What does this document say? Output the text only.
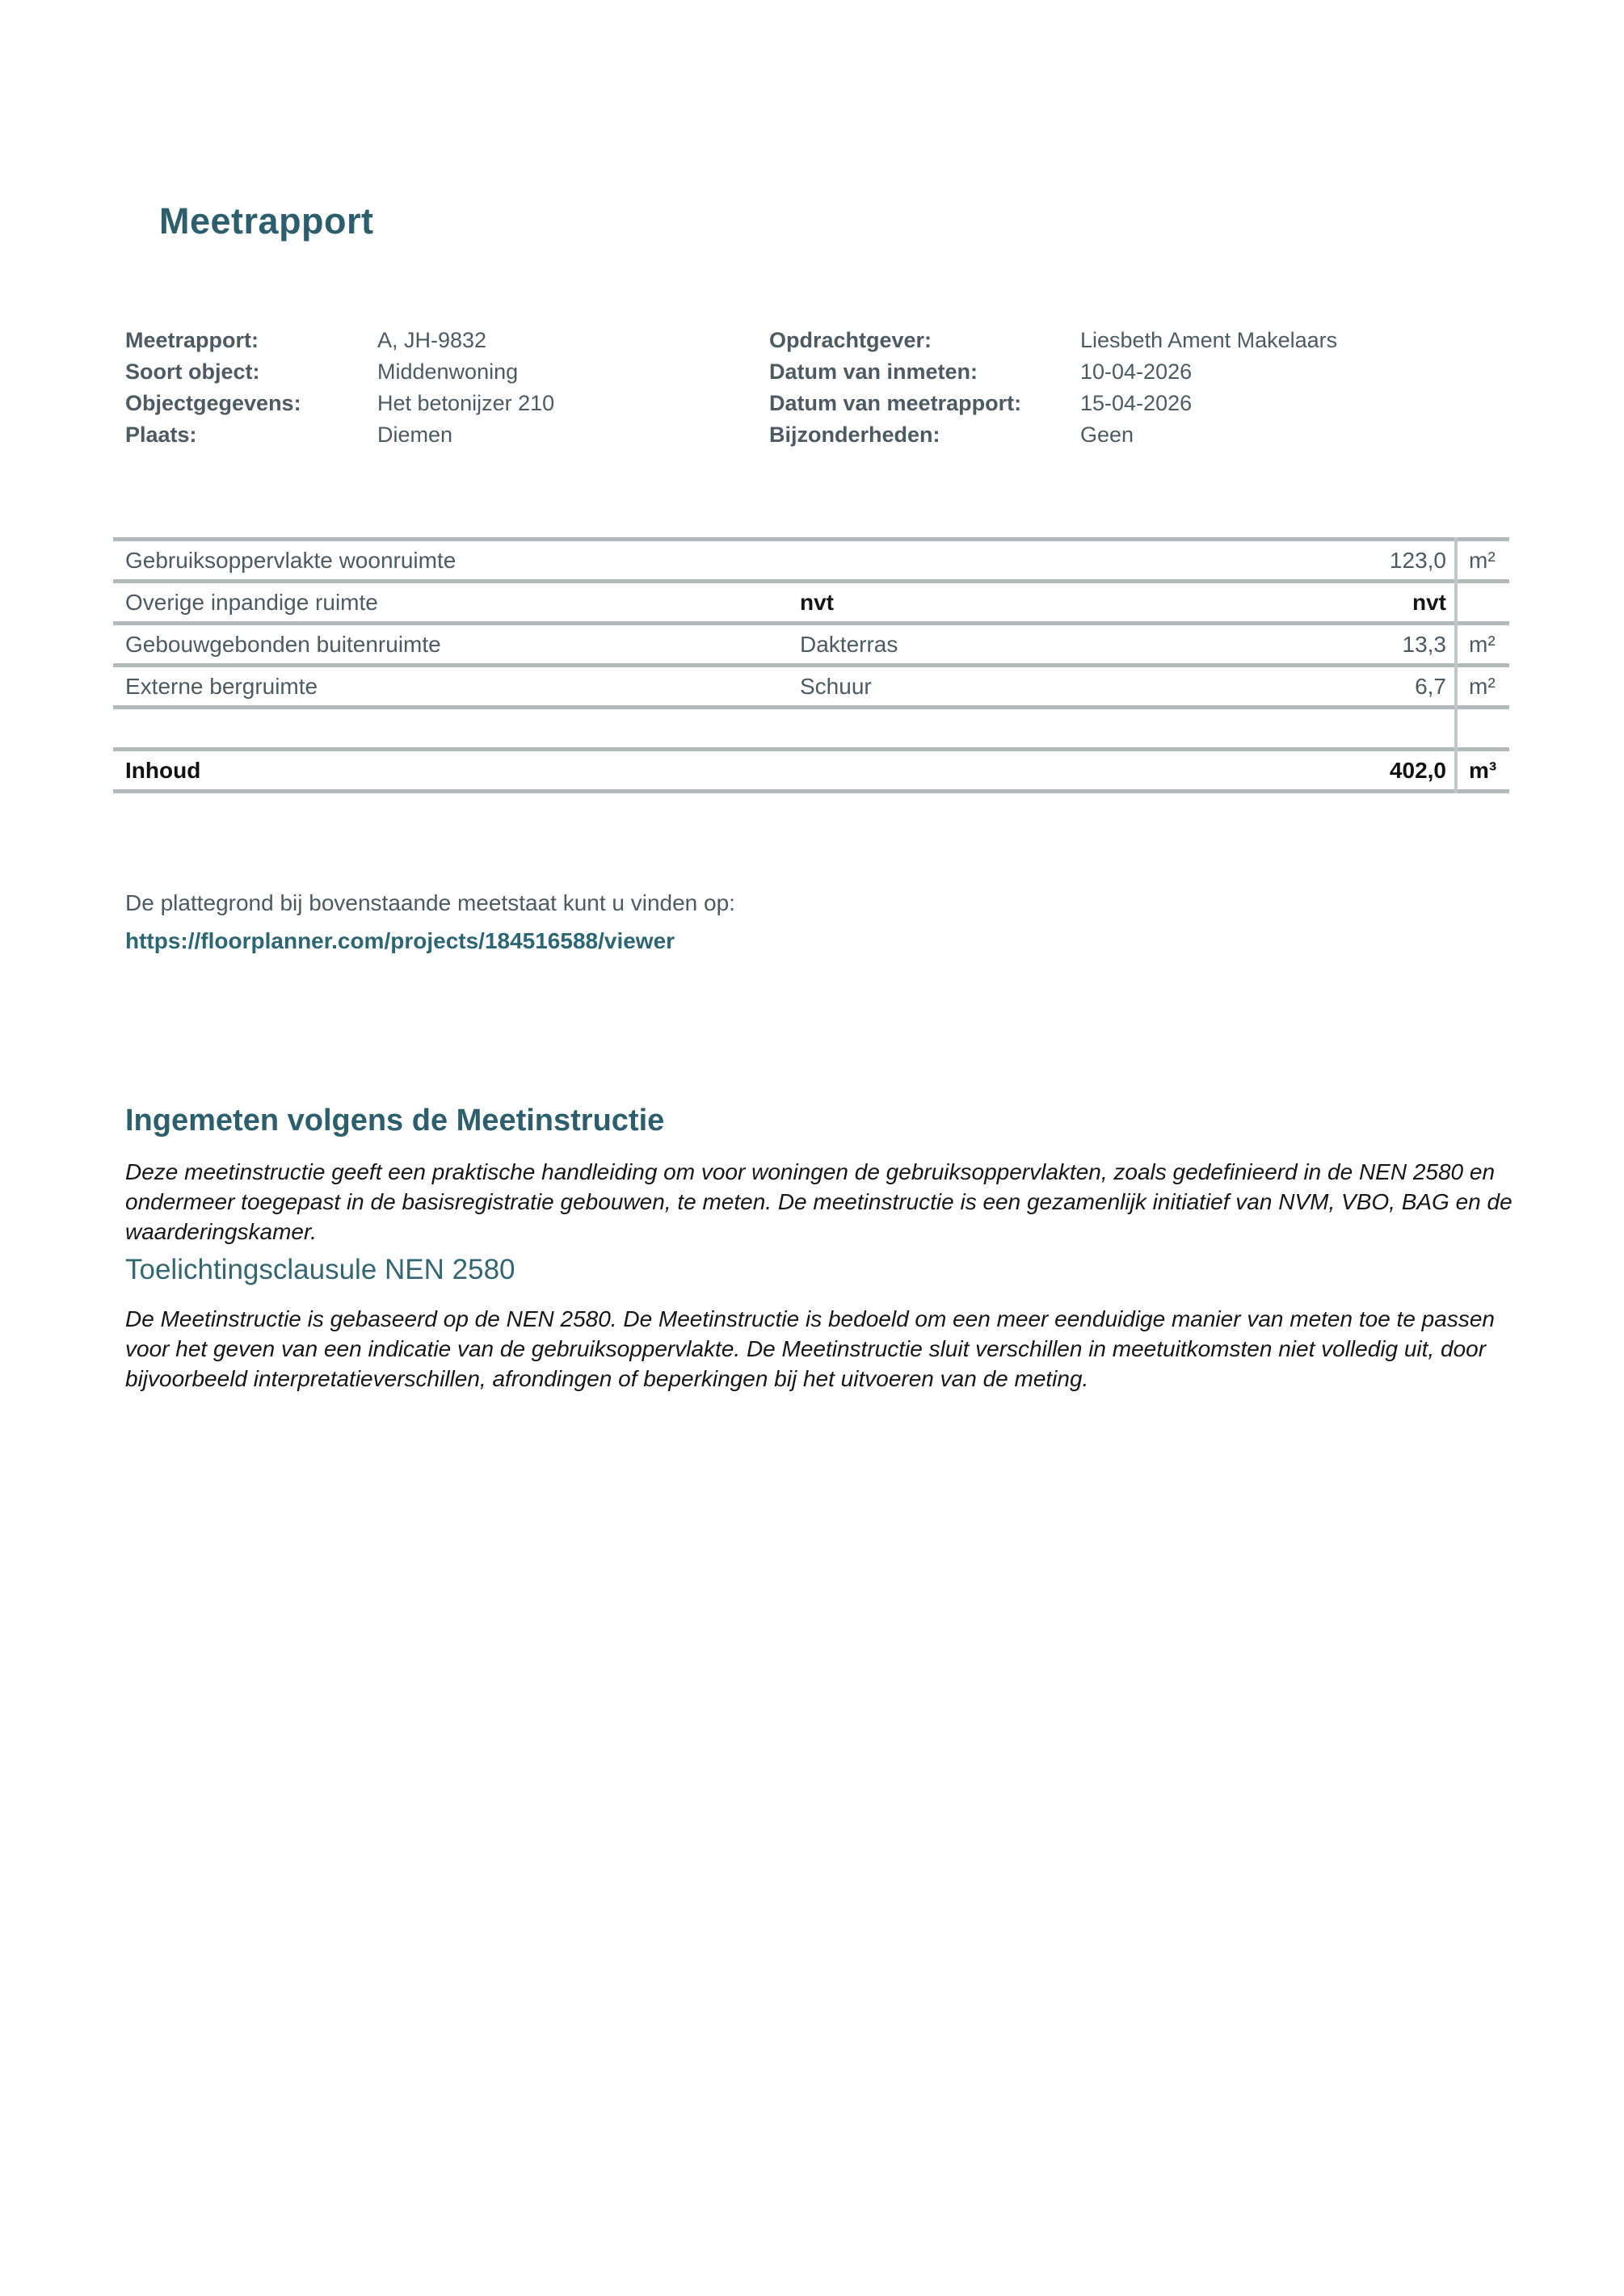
Meetrapport
Meetrapport:	A, JH-9832
Soort object:	Middenwoning
Objectgegevens:	Het betonijzer 210
Plaats:	Diemen
Opdrachtgever:	Liesbeth Ament Makelaars
Datum van inmeten:	10-04-2026
Datum van meetrapport:	15-04-2026
Bijzonderheden:	Geen
Gebruiksoppervlakte woonruimte	123,0	m²
Overige inpandige ruimte	nvt	nvt
Gebouwgebonden buitenruimte	Dakterras	13,3	m²
Externe bergruimte	Schuur	6,7	m²
Inhoud	402,0	m³
De plattegrond bij bovenstaande meetstaat kunt u vinden op:
https://floorplanner.com/projects/184516588/viewer
Ingemeten volgens de Meetinstructie
Deze meetinstructie geeft een praktische handleiding om voor woningen de gebruiksoppervlakten, zoals gedefinieerd in de NEN 2580 en ondermeer toegepast in de basisregistratie gebouwen, te meten. De meetinstructie is een gezamenlijk initiatief van NVM, VBO, BAG en de waarderingskamer.
Toelichtingsclausule NEN 2580
De Meetinstructie is gebaseerd op de NEN 2580. De Meetinstructie is bedoeld om een meer eenduidige manier van meten toe te passen voor het geven van een indicatie van de gebruiksoppervlakte. De Meetinstructie sluit verschillen in meetuitkomsten niet volledig uit, door bijvoorbeeld interpretatieverschillen, afrondingen of beperkingen bij het uitvoeren van de meting.
